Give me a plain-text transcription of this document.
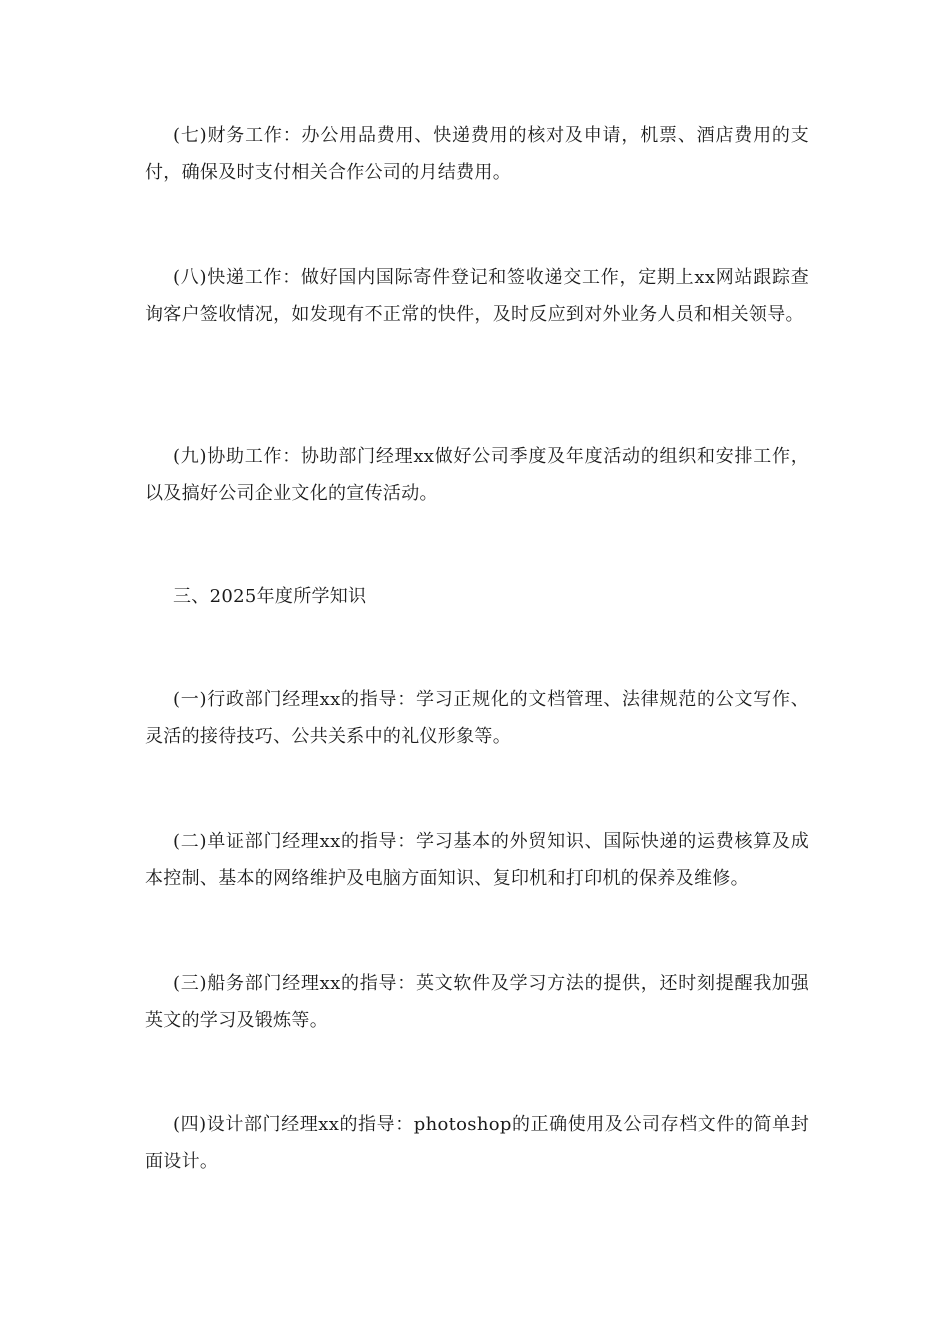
(七)财务工作：办公用品费用、快递费用的核对及申请，机票、酒店费用的支付，确保及时支付相关合作公司的月结费用。

(八)快递工作：做好国内国际寄件登记和签收递交工作，定期上xx网站跟踪查询客户签收情况，如发现有不正常的快件，及时反应到对外业务人员和相关领导。

(九)协助工作：协助部门经理xx做好公司季度及年度活动的组织和安排工作，以及搞好公司企业文化的宣传活动。

三、2025年度所学知识

(一)行政部门经理xx的指导：学习正规化的文档管理、法律规范的公文写作、灵活的接待技巧、公共关系中的礼仪形象等。

(二)单证部门经理xx的指导：学习基本的外贸知识、国际快递的运费核算及成本控制、基本的网络维护及电脑方面知识、复印机和打印机的保养及维修。

(三)船务部门经理xx的指导：英文软件及学习方法的提供，还时刻提醒我加强英文的学习及锻炼等。

(四)设计部门经理xx的指导：photoshop的正确使用及公司存档文件的简单封面设计。
